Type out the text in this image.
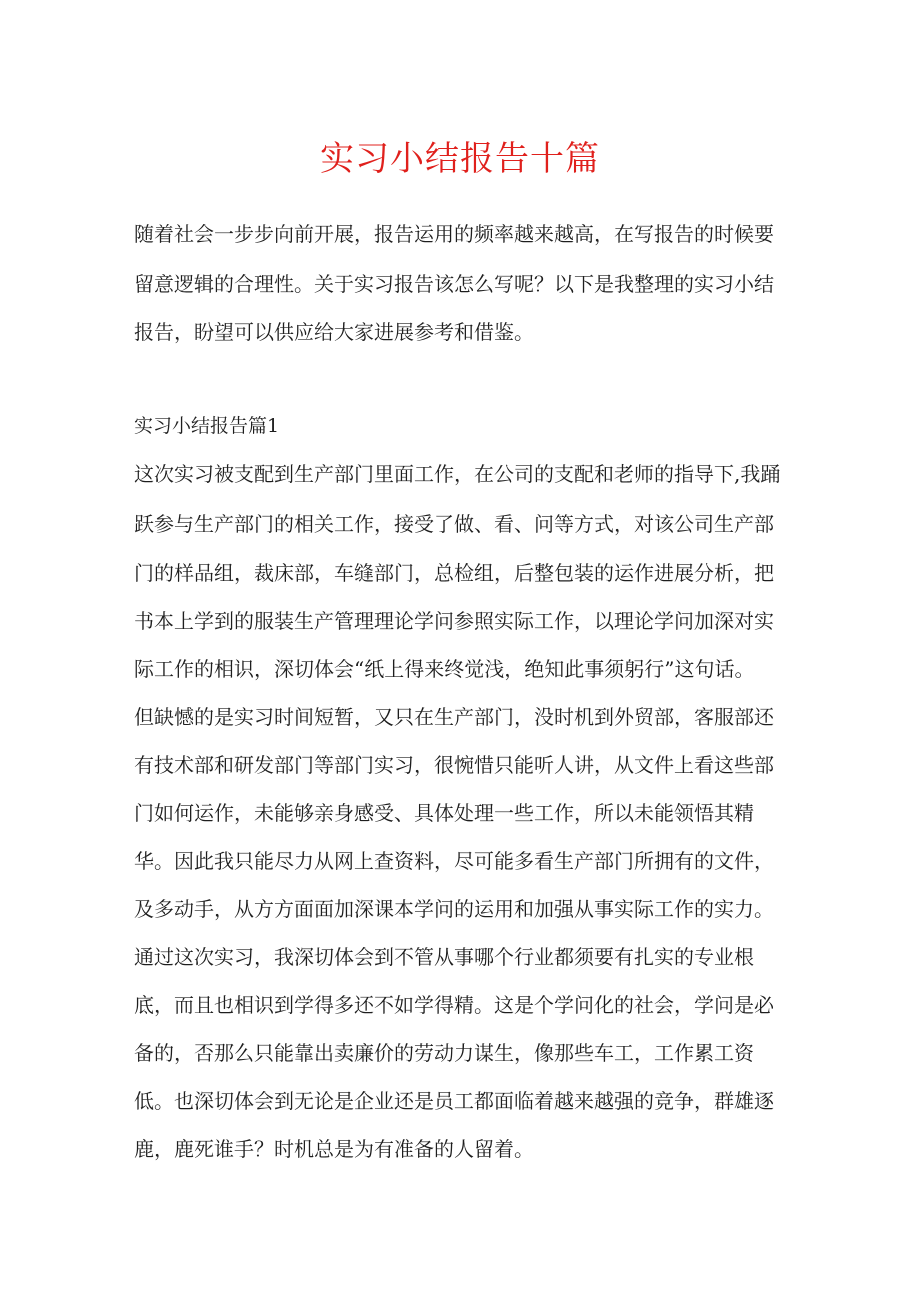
实习小结报告十篇
随着社会一步步向前开展，报告运用的频率越来越高，在写报告的时候要
留意逻辑的合理性。关于实习报告该怎么写呢？以下是我整理的实习小结
报告，盼望可以供应给大家进展参考和借鉴。
实习小结报告篇1
这次实习被支配到生产部门里面工作，在公司的支配和老师的指导下,我踊
跃参与生产部门的相关工作，接受了做、看、问等方式，对该公司生产部
门的样品组，裁床部，车缝部门，总检组，后整包装的运作进展分析，把
书本上学到的服装生产管理理论学问参照实际工作，以理论学问加深对实
际工作的相识，深切体会“纸上得来终觉浅，绝知此事须躬行”这句话。
但缺憾的是实习时间短暂，又只在生产部门，没时机到外贸部，客服部还
有技术部和研发部门等部门实习，很惋惜只能听人讲，从文件上看这些部
门如何运作，未能够亲身感受、具体处理一些工作，所以未能领悟其精
华。因此我只能尽力从网上查资料，尽可能多看生产部门所拥有的文件，
及多动手，从方方面面加深课本学问的运用和加强从事实际工作的实力。
通过这次实习，我深切体会到不管从事哪个行业都须要有扎实的专业根
底，而且也相识到学得多还不如学得精。这是个学问化的社会，学问是必
备的，否那么只能靠出卖廉价的劳动力谋生，像那些车工，工作累工资
低。也深切体会到无论是企业还是员工都面临着越来越强的竞争，群雄逐
鹿，鹿死谁手？时机总是为有准备的人留着。
